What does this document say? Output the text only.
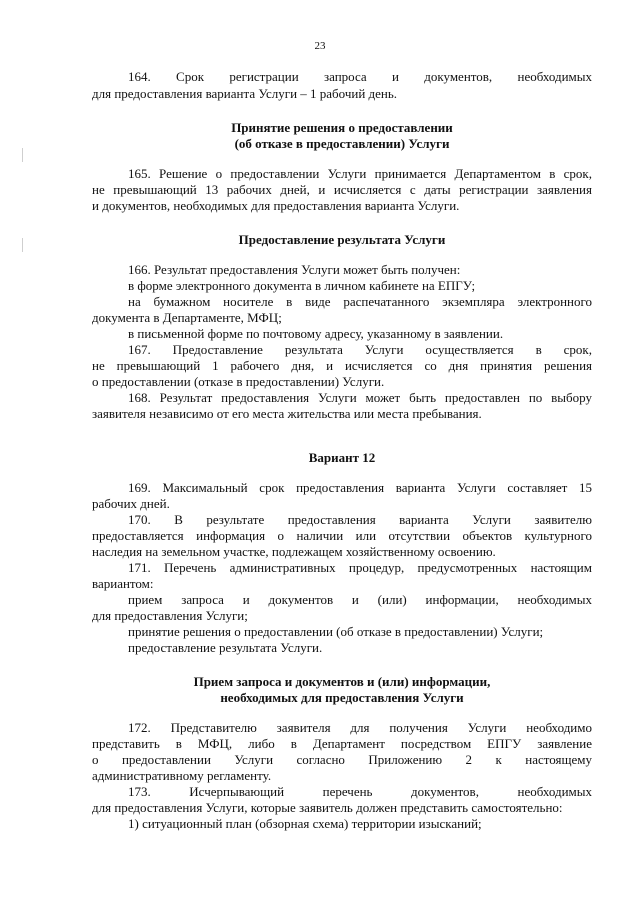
23
164. Срок регистрации запроса и документов, необходимых
для предоставления варианта Услуги – 1 рабочий день.
Принятие решения о предоставлении
(об отказе в предоставлении) Услуги
165. Решение о предоставлении Услуги принимается Департаментом в срок,
не превышающий 13 рабочих дней, и исчисляется с даты регистрации заявления
и документов, необходимых для предоставления варианта Услуги.
Предоставление результата Услуги
166. Результат предоставления Услуги может быть получен:
в форме электронного документа в личном кабинете на ЕПГУ;
на бумажном носителе в виде распечатанного экземпляра электронного
документа в Департаменте, МФЦ;
в письменной форме по почтовому адресу, указанному в заявлении.
167. Предоставление результата Услуги осуществляется в срок,
не превышающий 1 рабочего дня, и исчисляется со дня принятия решения
о предоставлении (отказе в предоставлении) Услуги.
168. Результат предоставления Услуги может быть предоставлен по выбору
заявителя независимо от его места жительства или места пребывания.
Вариант 12
169. Максимальный срок предоставления варианта Услуги составляет 15
рабочих дней.
170. В результате предоставления варианта Услуги заявителю
предоставляется информация о наличии или отсутствии объектов культурного
наследия на земельном участке, подлежащем хозяйственному освоению.
171. Перечень административных процедур, предусмотренных настоящим
вариантом:
прием запроса и документов и (или) информации, необходимых
для предоставления Услуги;
принятие решения о предоставлении (об отказе в предоставлении) Услуги;
предоставление результата Услуги.
Прием запроса и документов и (или) информации,
необходимых для предоставления Услуги
172. Представителю заявителя для получения Услуги необходимо
представить в МФЦ, либо в Департамент посредством ЕПГУ заявление
о предоставлении Услуги согласно Приложению 2 к настоящему
административному регламенту.
173. Исчерпывающий перечень документов, необходимых
для предоставления Услуги, которые заявитель должен представить самостоятельно:
1) ситуационный план (обзорная схема) территории изысканий;
